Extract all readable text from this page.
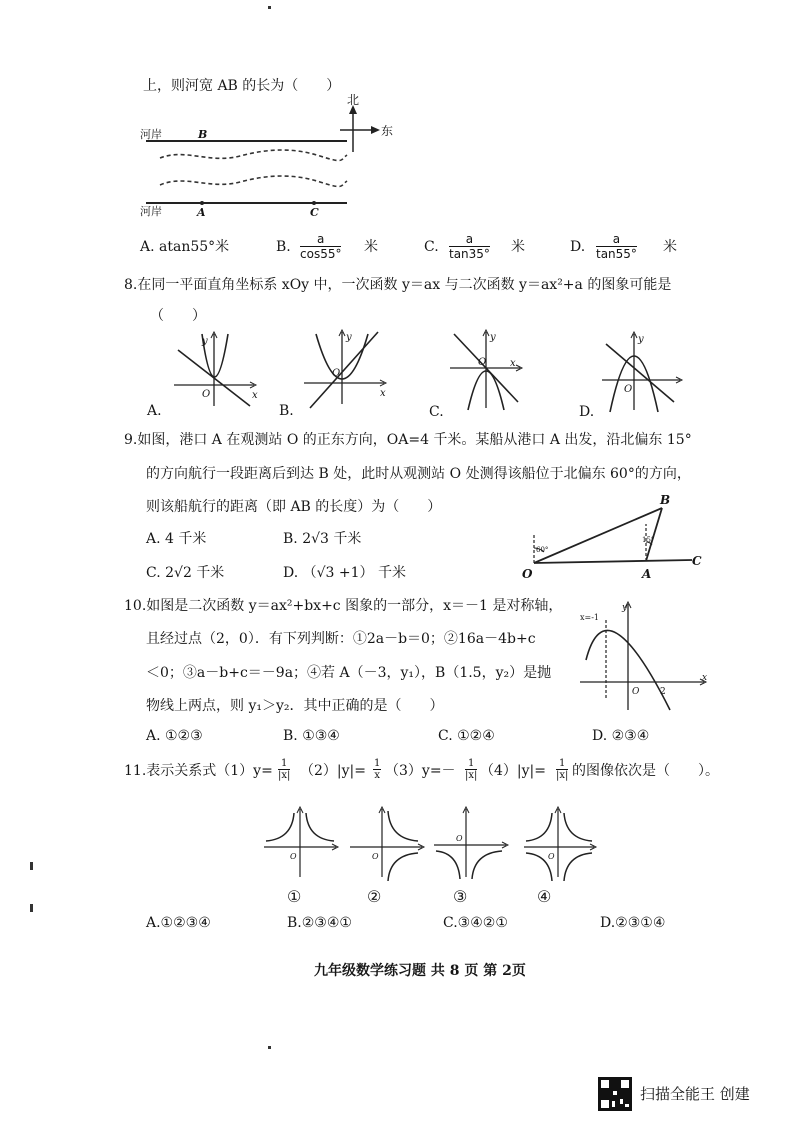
上，则河宽 AB 的长为（　　）
北
东
河岸	B
河岸	A	C
A. atan55°米	B. $\frac{a}{\cos 55^\circ}$ 米	C. $\frac{a}{\tan 35^\circ}$ 米	D. $\frac{a}{\tan 55^\circ}$ 米
8.在同一平面直角坐标系 xOy 中，一次函数 y＝ax 与二次函数 y＝ax²+a 的图象可能是
（　　）
y
x
O
A.
y
x
O
B.
y
x
O
C.
y
O
D.
9.如图，港口 A 在观测站 O 的正东方向，OA=4 千米。某船从港口 A 出发，沿北偏东 15°
的方向航行一段距离后到达 B 处，此时从观测站 O 处测得该船位于北偏东 60°的方向，
则该船航行的距离（即 AB 的长度）为（　　）
A. 4 千米	B. 2√3 千米
C. 2√2 千米	D. （√3 +1） 千米
60°
15°
O	A
B
C
10.如图是二次函数 y＝ax²+bx+c 图象的一部分，x＝－1 是对称轴，
且经过点（2，0）．有下列判断：①2a－b＝0；②16a－4b+c
＜0；③a－b+c＝－9a；④若 A（－3，y₁），B（1.5，y₂）是抛
物线上两点，则 y₁＞y₂．其中正确的是（　　）
A. ①②③	B. ①③④	C. ①②④	D. ②③④
x=-1
y
x
O 2
11.表示关系式（1）y= 1
|x| （2）|y|= 1
x （3）y=－	1
|x| （4）|y|=	1
|x| 的图像依次是（　　）。
O	O
O
O
①	②	③	④
A.①②③④	B.②③④①	C.③④②①	D.②③①④
九年级数学练习题 共 8 页 第 2页
扫描全能王 创建
